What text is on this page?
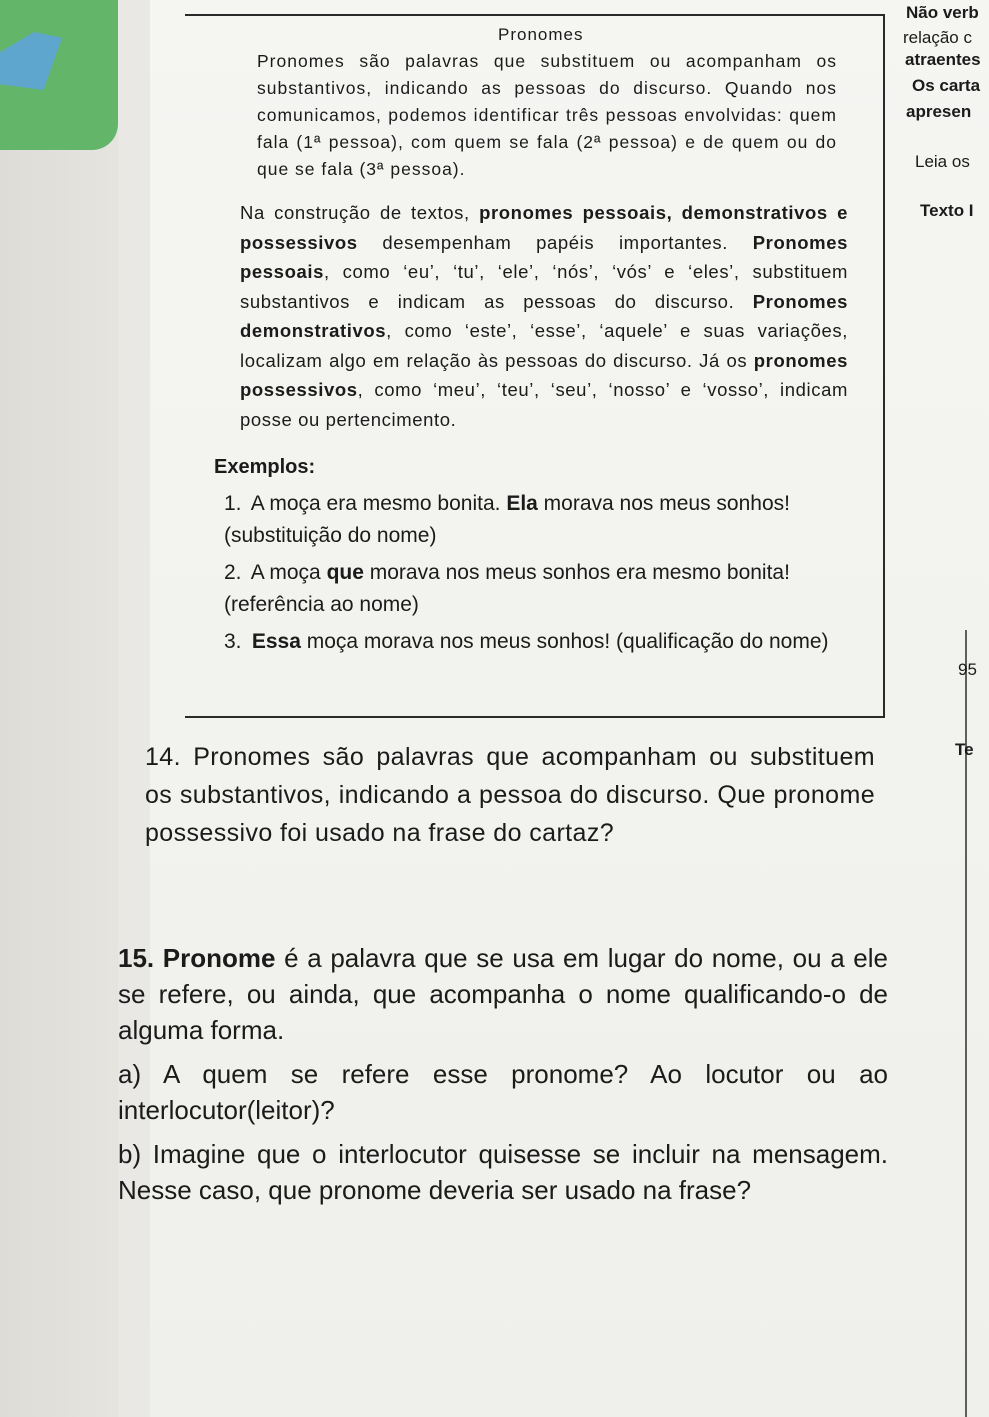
Não verb
relação c
atraentes
Os carta
apresen
Leia os
Texto I
95
Te
Pronomes
Pronomes são palavras que substituem ou acompanham os substantivos, indicando as pessoas do discurso. Quando nos comunicamos, podemos identificar três pessoas envolvidas: quem fala (1ª pessoa), com quem se fala (2ª pessoa) e de quem ou do que se fala (3ª pessoa).
Na construção de textos, pronomes pessoais, demonstrativos e possessivos desempenham papéis importantes. Pronomes pessoais, como ‘eu’, ‘tu’, ‘ele’, ‘nós’, ‘vós’ e ‘eles’, substituem substantivos e indicam as pessoas do discurso. Pronomes demonstrativos, como ‘este’, ‘esse’, ‘aquele’ e suas variações, localizam algo em relação às pessoas do discurso. Já os pronomes possessivos, como ‘meu’, ‘teu’, ‘seu’, ‘nosso’ e ‘vosso’, indicam posse ou pertencimento.
Exemplos:
1. A moça era mesmo bonita. Ela morava nos meus sonhos! (substituição do nome)
2. A moça que morava nos meus sonhos era mesmo bonita! (referência ao nome)
3. Essa moça morava nos meus sonhos! (qualificação do nome)
14. Pronomes são palavras que acompanham ou substituem os substantivos, indicando a pessoa do discurso. Que pronome possessivo foi usado na frase do cartaz?

15. Pronome é a palavra que se usa em lugar do nome, ou a ele se refere, ou ainda, que acompanha o nome qualificando-o de alguma forma.

a) A quem se refere esse pronome? Ao locutor ou ao interlocutor(leitor)?

b) Imagine que o interlocutor quisesse se incluir na mensagem. Nesse caso, que pronome deveria ser usado na frase?
